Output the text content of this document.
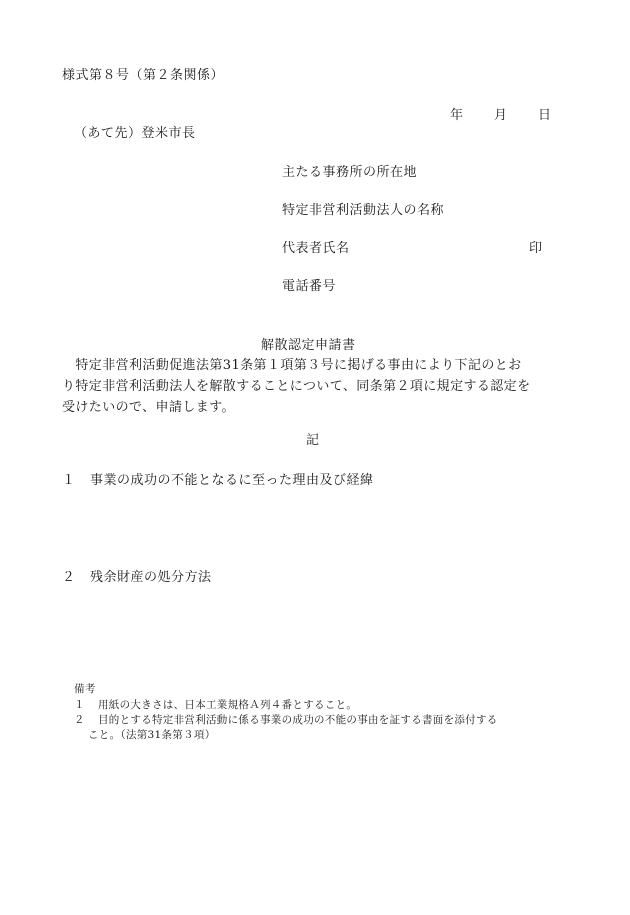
様式第８号（第２条関係）
年 月 日
（あて先）登米市長
主たる事務所の所在地
特定非営利活動法人の名称
代表者氏名	印
電話番号
解散認定申請書
　特定非営利活動促進法第31条第１項第３号に掲げる事由により下記のとお
り特定非営利活動法人を解散することについて、同条第２項に規定する認定を
受けたいので、申請します。
記
１ 事業の成功の不能となるに至った理由及び経緯
２ 残余財産の処分方法
備考
１ 用紙の大きさは、日本工業規格Ａ列４番とすること。
２ 目的とする特定非営利活動に係る事業の成功の不能の事由を証する書面を添付する
こと。（法第31条第３項）
